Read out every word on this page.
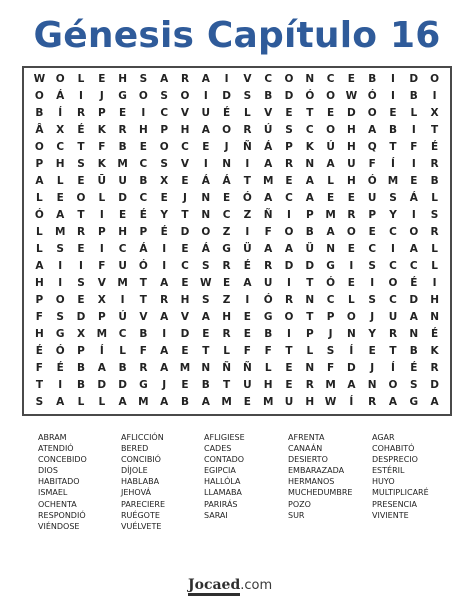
Génesis Capítulo 16
W	O	L	E	H	S	A	R	A	I	V	C	O	N	C	E	B	I	D	O
O	Á	I	J	G	O	S	O	I	D	S	B	D	Ó	O	W	Ó	I	B	I
B	Í	R	P	E	I	C	V	U	É	L	V	E	T	E	D	O	E	L	X
Â	X	É	K	R	H	P	H	A	O	R	Ú	S	C	O	H	A	B	I	T
O	C	T	F	B	E	O	C	E	J	Ñ	Á	P	K	Ú	H	Q	T	F	É
P	H	S	K	M	C	S	V	I	N	I	A	R	N	A	U	F	Í	I	R
A	L	E	Ū	U	B	X	E	Á	Á	T	M	E	A	L	H	Ó	M	E	B
L	E	O	L	D	C	E	J	N	E	Ó	A	C	A	E	E	U	S	Á	L
Ó	A	T	I	E	É	Y	T	N	C	Z	Ñ	I	P	M	R	P	Y	I	S
L	M	R	P	H	P	É	D	O	Z	I	F	O	B	A	O	E	C	O	R
L	S	E	I	C	Á	I	E	Á	G	Ü	A	A	Ü	N	E	C	I	A	L
A	I	I	F	U	Ó	I	C	S	R	É	R	D	D	G	I	S	C	C	L
H	I	S	V	M	T	A	E	W	E	A	U	I	T	Ó	E	I	O	É	I
P	O	E	X	I	T	R	H	S	Z	I	Ó	R	N	C	L	S	C	D	H
F	S	D	P	Ú	V	A	V	A	H	E	G	O	T	P	O	J	U	A	N
H	G	X	M	C	B	I	D	E	R	E	B	I	P	J	N	Y	R	N	É
É	Ó	P	Í	L	F	A	E	T	L	F	F	T	L	S	Í	E	T	B	K
F	É	B	A	B	R	A	M	N	Ñ	Ñ	L	E	N	F	D	J	Í	É	R
T	I	B	D	D	G	J	E	B	T	U	H	E	R	M	A	N	O	S	D
S	A	L	L	A	M	A	B	A	M	E	M	U	H	W	Í	R	A	G	A
ABRAM	AFLICCIÓN	AFLIGIESE	AFRENTA	AGAR
ATENDIÓ	BERED	CADES	CANAÁN	COHABITÓ
CONCEBIDO	CONCIBIÓ	CONTADO	DESIERTO	DESPRECIO
DIOS	DÍJOLE	EGIPCIA	EMBARAZADA	ESTÉRIL
HABITADO	HABLABA	HALLÓLA	HERMANOS	HUYO
ISMAEL	JEHOVÁ	LLAMABA	MUCHEDUMBRE	MULTIPLICARÉ
OCHENTA	PARECIERE	PARIRÁS	POZO	PRESENCIA
RESPONDIÓ	RUÉGOTE	SARAI	SUR	VIVIENTE
VIÉNDOSE	VUÉLVETE
Jocaed .com
